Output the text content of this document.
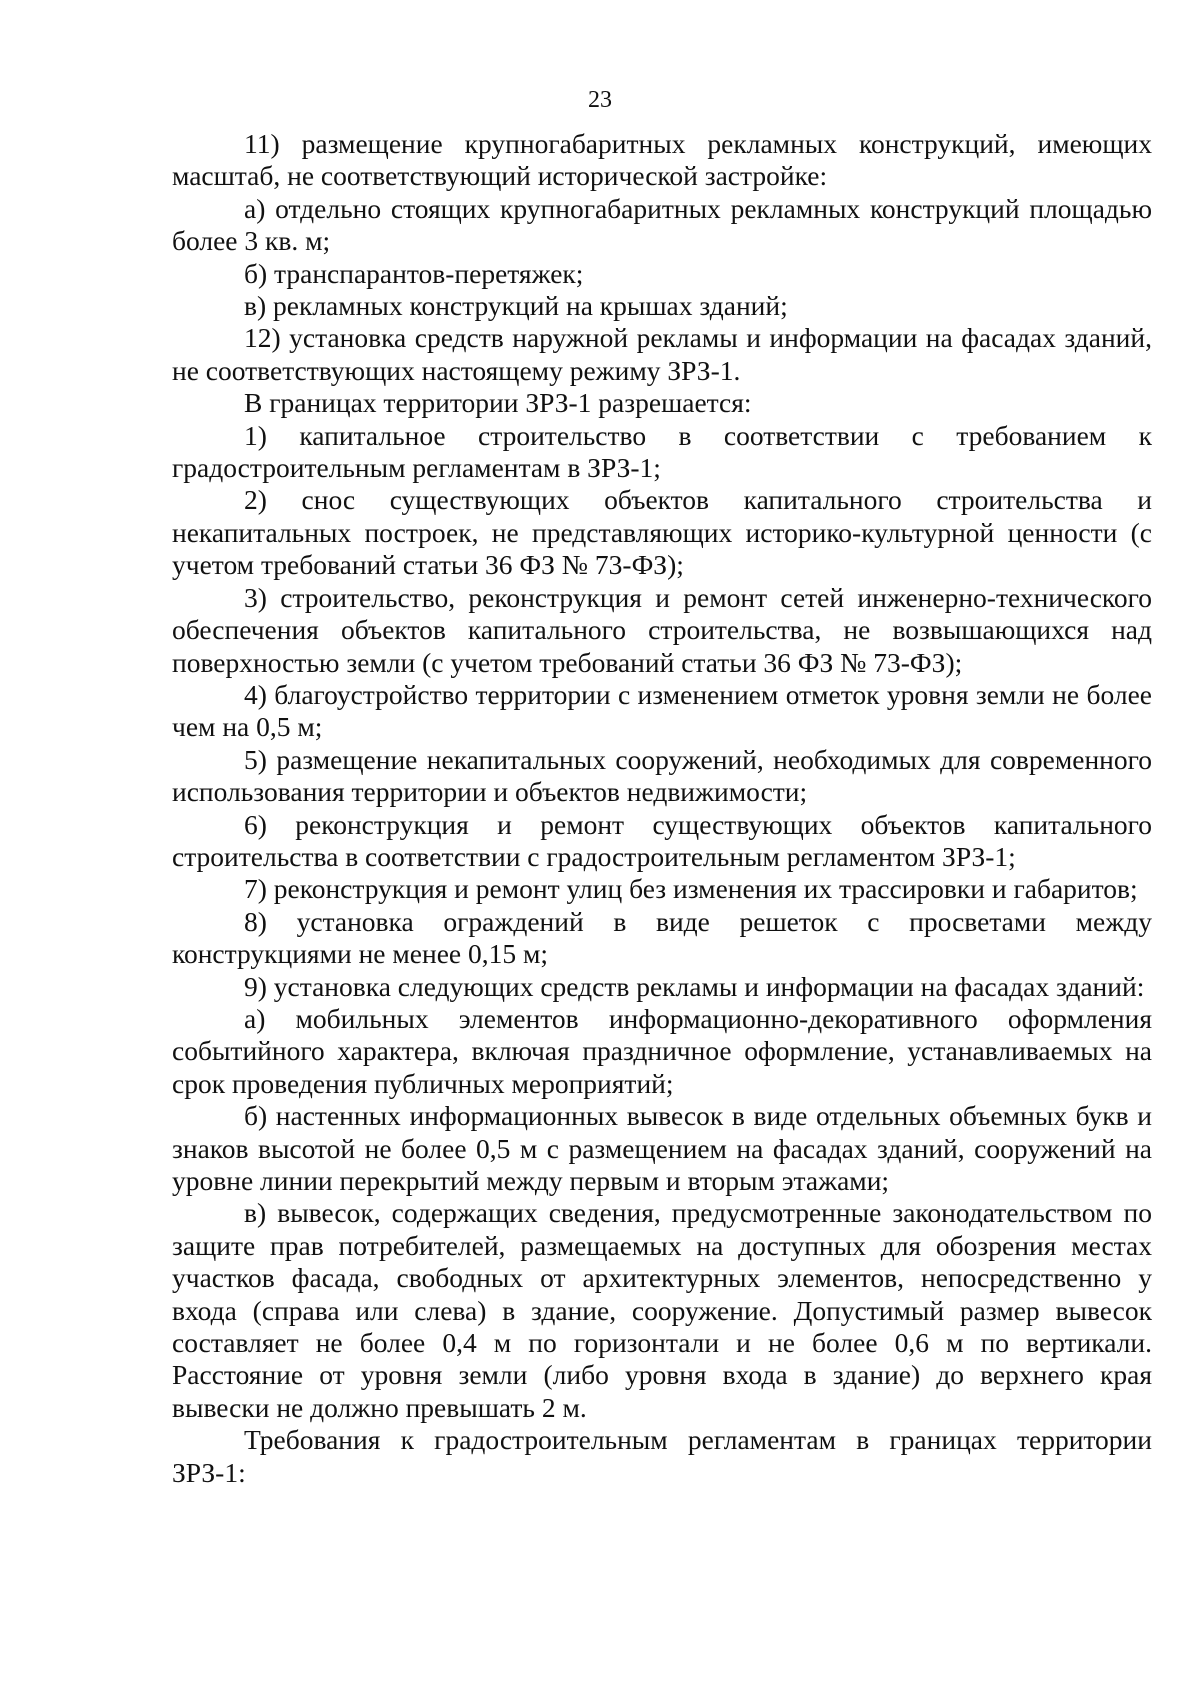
23

11) размещение крупногабаритных рекламных конструкций, имеющих масштаб, не соответствующий исторической застройке:

а) отдельно стоящих крупногабаритных рекламных конструкций площадью более 3 кв. м;

б) транспарантов-перетяжек;

в) рекламных конструкций на крышах зданий;

12) установка средств наружной рекламы и информации на фасадах зданий, не соответствующих настоящему режиму ЗРЗ-1.

В границах территории ЗРЗ-1 разрешается:

1) капитальное строительство в соответствии с требованием к градостроительным регламентам в ЗРЗ-1;

2) снос существующих объектов капитального строительства и некапитальных построек, не представляющих историко-культурной ценности (с учетом требований статьи 36 ФЗ № 73-ФЗ);

3) строительство, реконструкция и ремонт сетей инженерно-технического обеспечения объектов капитального строительства, не возвышающихся над поверхностью земли (с учетом требований статьи 36 ФЗ № 73-ФЗ);

4) благоустройство территории с изменением отметок уровня земли не более чем на 0,5 м;

5) размещение некапитальных сооружений, необходимых для современного использования территории и объектов недвижимости;

6) реконструкция и ремонт существующих объектов капитального строительства в соответствии с градостроительным регламентом ЗРЗ-1;

7) реконструкция и ремонт улиц без изменения их трассировки и габаритов;

8) установка ограждений в виде решеток с просветами между конструкциями не менее 0,15 м;

9) установка следующих средств рекламы и информации на фасадах зданий:

а) мобильных элементов информационно-декоративного оформления событийного характера, включая праздничное оформление, устанавливаемых на срок проведения публичных мероприятий;

б) настенных информационных вывесок в виде отдельных объемных букв и знаков высотой не более 0,5 м с размещением на фасадах зданий, сооружений на уровне линии перекрытий между первым и вторым этажами;

в) вывесок, содержащих сведения, предусмотренные законодательством по защите прав потребителей, размещаемых на доступных для обозрения местах участков фасада, свободных от архитектурных элементов, непосредственно у входа (справа или слева) в здание, сооружение. Допустимый размер вывесок составляет не более 0,4 м по горизонтали и не более 0,6 м по вертикали. Расстояние от уровня земли (либо уровня входа в здание) до верхнего края вывески не должно превышать 2 м.

Требования к градостроительным регламентам в границах территории ЗРЗ-1:
